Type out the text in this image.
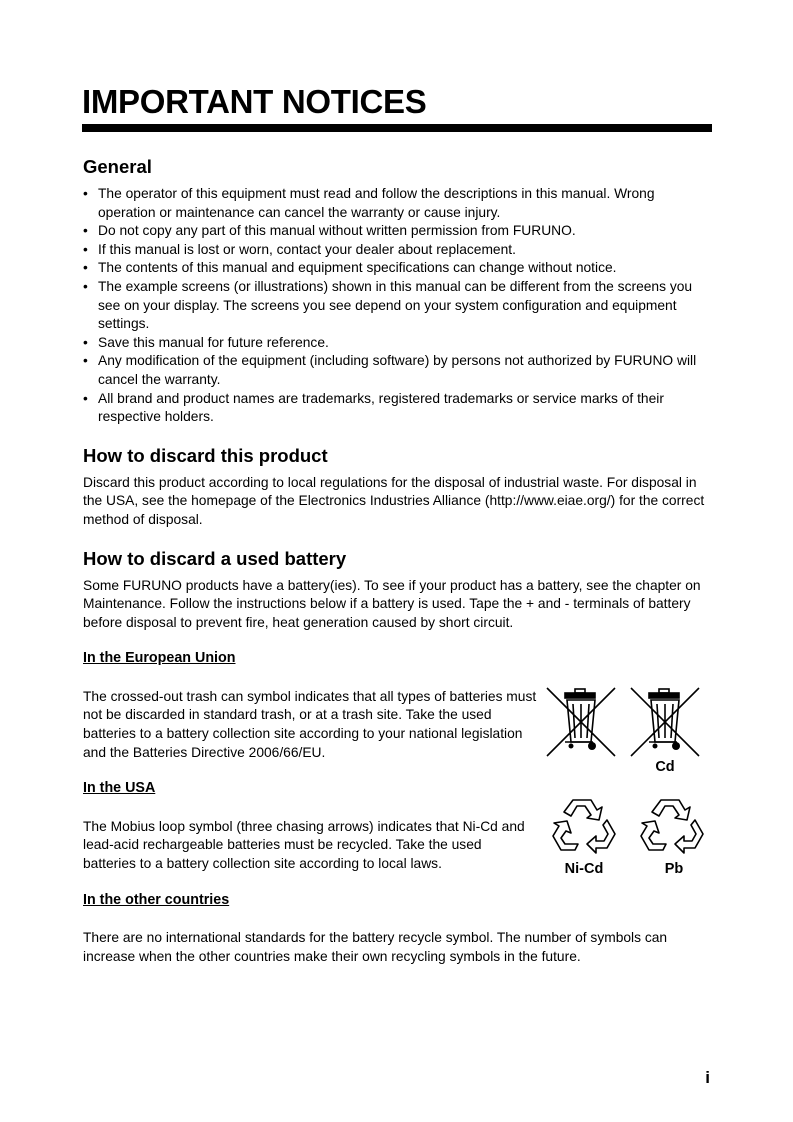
IMPORTANT NOTICES
General
• The operator of this equipment must read and follow the descriptions in this manual. Wrong operation or maintenance can cancel the warranty or cause injury.
• Do not copy any part of this manual without written permission from FURUNO.
• If this manual is lost or worn, contact your dealer about replacement.
• The contents of this manual and equipment specifications can change without notice.
• The example screens (or illustrations) shown in this manual can be different from the screens you see on your display. The screens you see depend on your system configuration and equipment settings.
• Save this manual for future reference.
• Any modification of the equipment (including software) by persons not authorized by FURUNO will cancel the warranty.
• All brand and product names are trademarks, registered trademarks or service marks of their respective holders.
How to discard this product

Discard this product according to local regulations for the disposal of industrial waste. For disposal in the USA, see the homepage of the Electronics Industries Alliance (http://www.eiae.org/) for the correct method of disposal.

How to discard a used battery

Some FURUNO products have a battery(ies). To see if your product has a battery, see the chapter on Maintenance. Follow the instructions below if a battery is used. Tape the + and - terminals of battery before disposal to prevent fire, heat generation caused by short circuit.

In the European Union

The crossed-out trash can symbol indicates that all types of batteries must not be discarded in standard trash, or at a trash site. Take the used batteries to a battery collection site according to your national legislation and the Batteries Directive 2006/66/EU.

Cd
In the USA

The Mobius loop symbol (three chasing arrows) indicates that Ni-Cd and lead-acid rechargeable batteries must be recycled. Take the used batteries to a battery collection site according to local laws.	Ni-Cd	Pb
In the other countries

There are no international standards for the battery recycle symbol. The number of symbols can increase when the other countries make their own recycling symbols in the future.

i
